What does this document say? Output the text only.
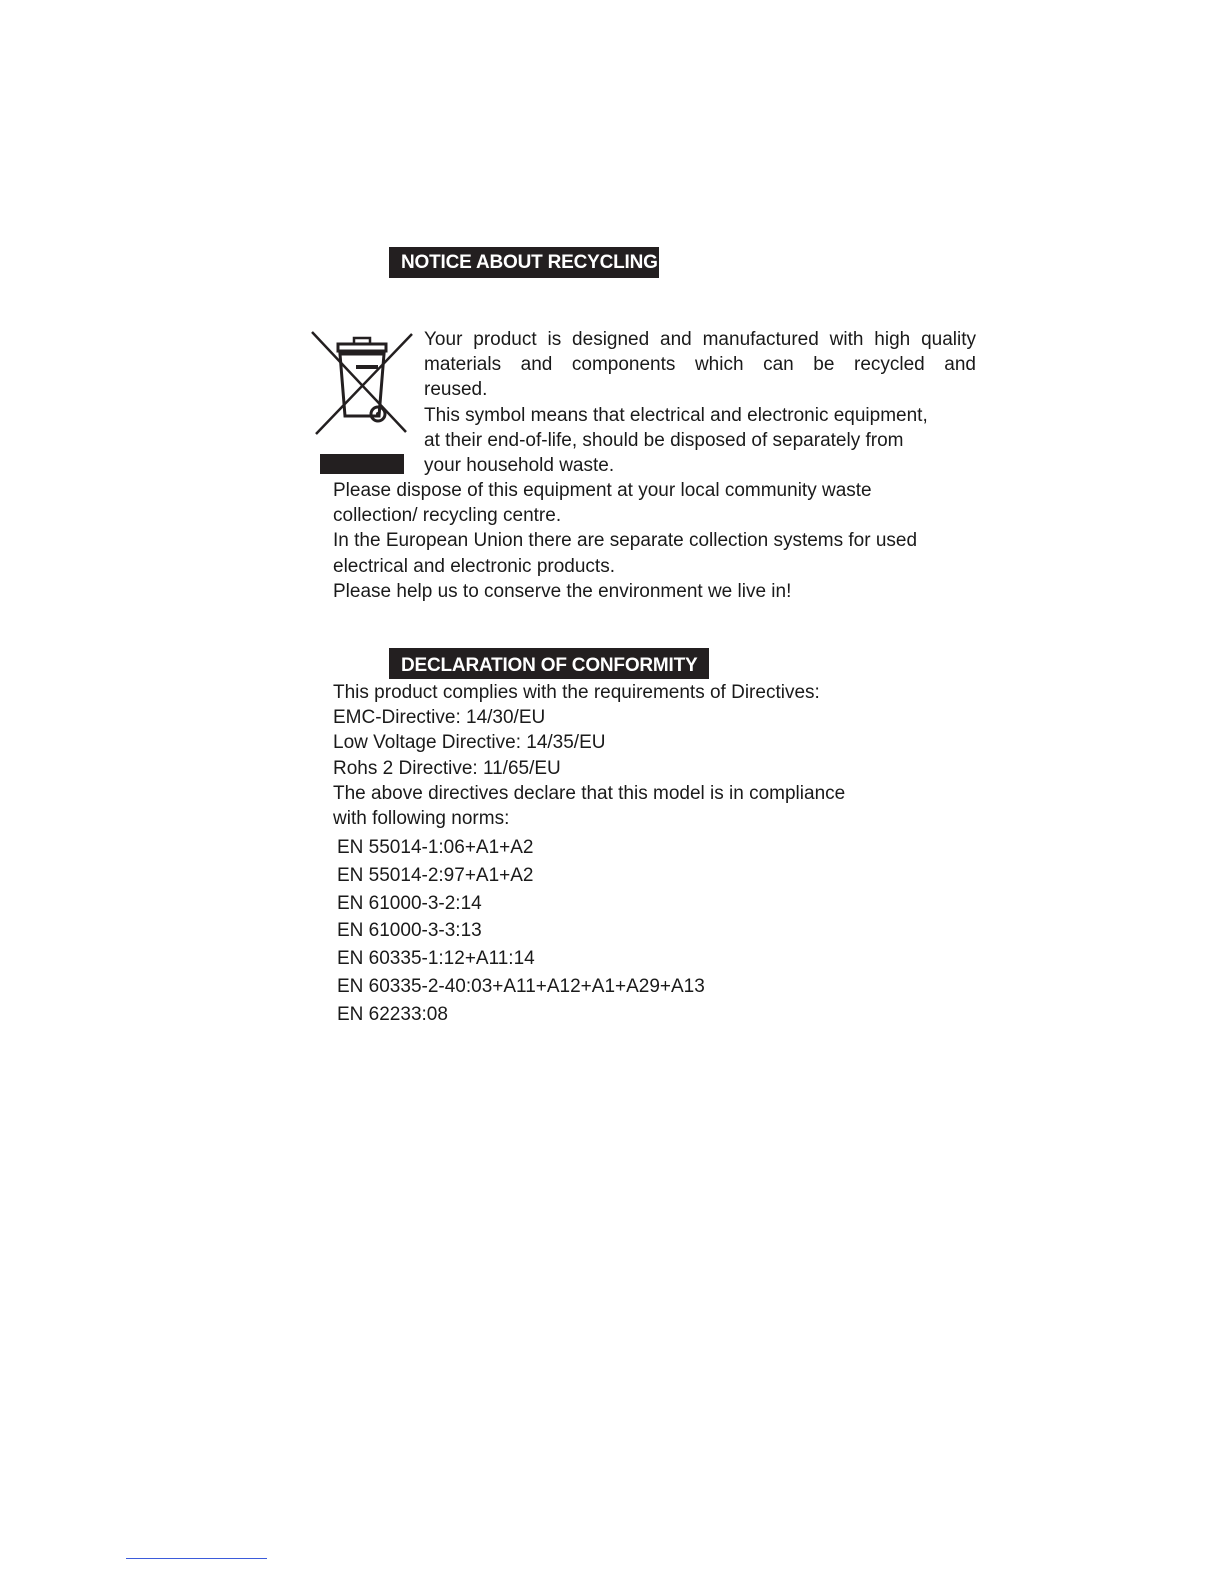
NOTICE ABOUT RECYCLING
Your product is designed and manufactured with high quality
materials and components which can be recycled and
reused.
This symbol means that electrical and electronic equipment,
at their end-of-life, should be disposed of separately from
your household waste.
Please dispose of this equipment at your local community waste
collection/ recycling centre.
In the European Union there are separate collection systems for used
electrical and electronic products.
Please help us to conserve the environment we live in!
DECLARATION OF CONFORMITY
This product complies with the requirements of Directives:
EMC-Directive: 14/30/EU
Low Voltage Directive: 14/35/EU
Rohs 2 Directive: 11/65/EU
The above directives declare that this model is in compliance
with following norms:
EN 55014-1:06+A1+A2
EN 55014-2:97+A1+A2
EN 61000-3-2:14
EN 61000-3-3:13
EN 60335-1:12+A11:14
EN 60335-2-40:03+A11+A12+A1+A29+A13
EN 62233:08
